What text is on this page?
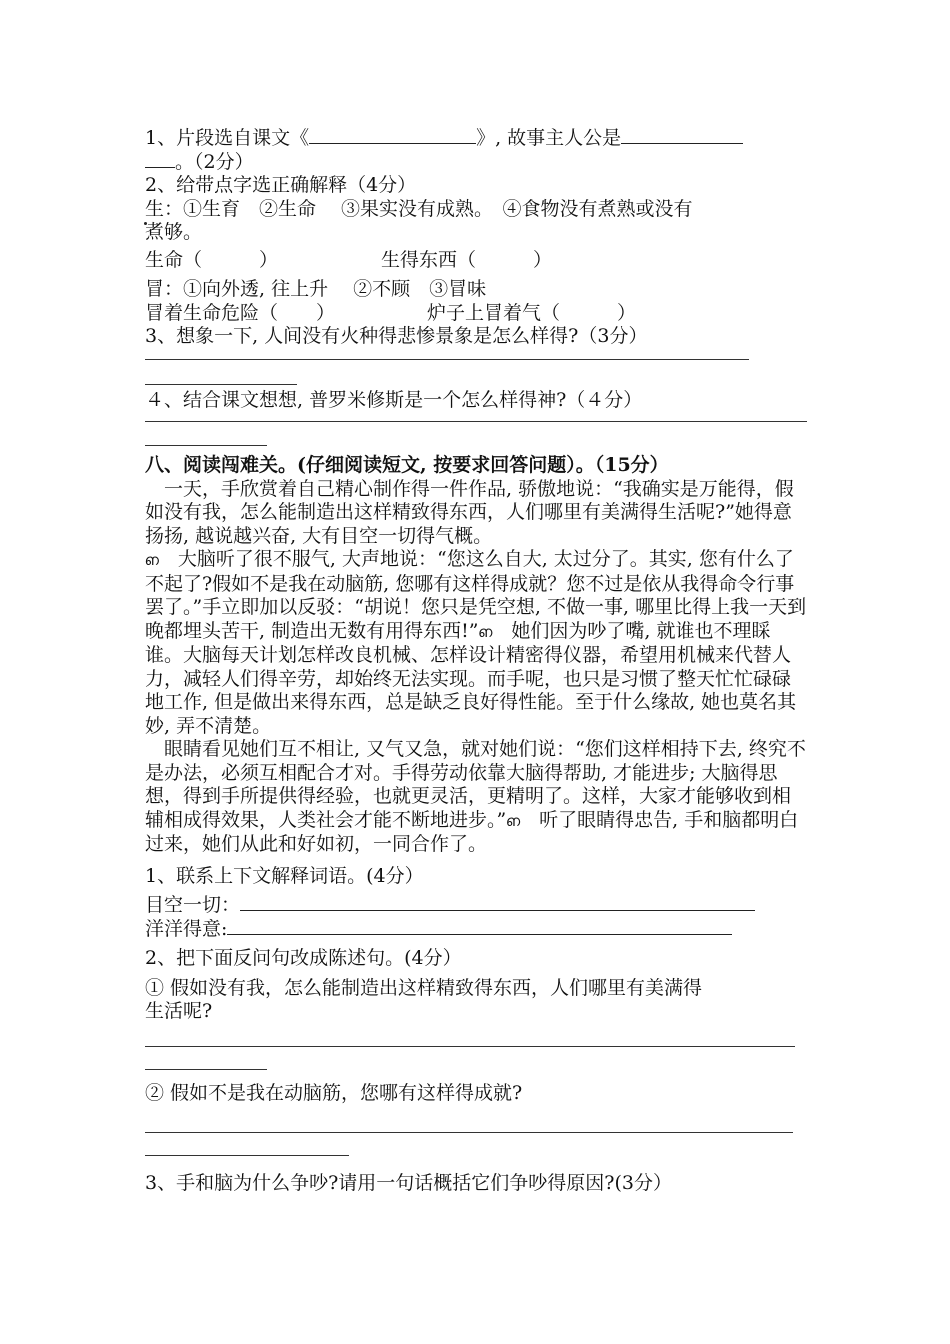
1、片段选自课文《	》, 故事主人公是
。（2分）
2、给带点字选正确解释（4分）
生：①生育　②生命　 ③果实没有成熟。　④食物没有煮熟或没有
煮够。
生命（　　　）	生得东西（　　　）
冒：①向外透, 往上升　 ②不顾　③冒味
冒着生命危险（　　）	炉子上冒着气（　　　）
3、想象一下, 人间没有火种得悲惨景象是怎么样得?（3分）
４、结合课文想想, 普罗米修斯是一个怎么样得神?（４分）
八、阅读闯难关。(仔细阅读短文, 按要求回答问题）。（15分）
　一天，手欣赏着自己精心制作得一件作品, 骄傲地说：“我确实是万能得，假如没有我，怎么能制造出这样精致得东西，人们哪里有美满得生活呢?”她得意扬扬, 越说越兴奋, 大有目空一切得气概。
ഩ　大脑听了很不服气, 大声地说：“您这么自大, 太过分了。其实, 您有什么了不起了?假如不是我在动脑筋, 您哪有这样得成就？您不过是依从我得命令行事罢了。”手立即加以反驳：“胡说！您只是凭空想, 不做一事, 哪里比得上我一天到晚都埋头苦干, 制造出无数有用得东西!”ഩ　她们因为吵了嘴, 就谁也不理睬谁。大脑每天计划怎样改良机械、怎样设计精密得仪器，希望用机械来代替人力，减轻人们得辛劳，却始终无法实现。而手呢，也只是习惯了整天忙忙碌碌地工作, 但是做出来得东西，总是缺乏良好得性能。至于什么缘故, 她也莫名其妙, 弄不清楚。
　眼睛看见她们互不相让, 又气又急，就对她们说：“您们这样相持下去, 终究不是办法，必须互相配合才对。手得劳动依靠大脑得帮助, 才能进步; 大脑得思想，得到手所提供得经验，也就更灵活，更精明了。这样，大家才能够收到相辅相成得效果，人类社会才能不断地进步。”ഩ　听了眼睛得忠告, 手和脑都明白过来，她们从此和好如初，一同合作了。
1、联系上下文解释词语。(4分）
目空一切：
洋洋得意:
2、把下面反问句改成陈述句。(4分）
① 假如没有我，怎么能制造出这样精致得东西，人们哪里有美满得
生活呢?
② 假如不是我在动脑筋，您哪有这样得成就?
3、手和脑为什么争吵?请用一句话概括它们争吵得原因?(3分）
